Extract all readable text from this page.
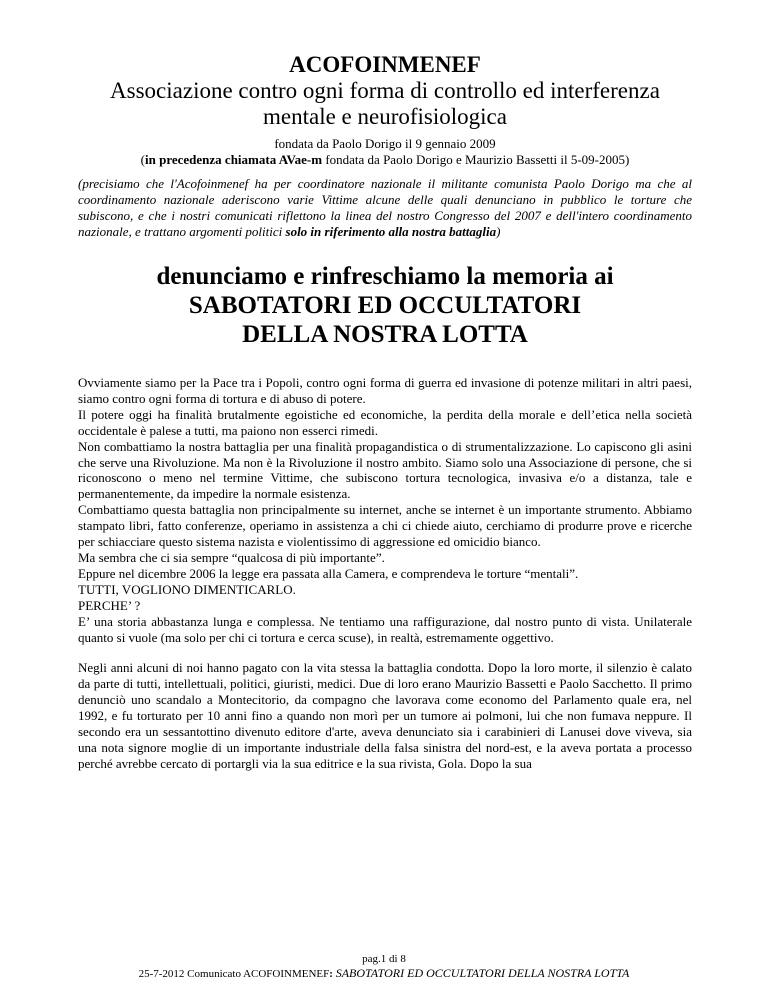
ACOFOINMENEF
Associazione contro ogni forma di controllo ed interferenza
mentale e neurofisiologica
fondata da Paolo Dorigo il 9 gennaio 2009
(in precedenza chiamata AVae-m fondata da Paolo Dorigo e Maurizio Bassetti il 5-09-2005)
(precisiamo che l'Acofoinmenef ha per coordinatore nazionale il militante comunista Paolo Dorigo ma che al coordinamento nazionale aderiscono varie Vittime alcune delle quali denunciano in pubblico le torture che subiscono, e che i nostri comunicati riflettono la linea del nostro Congresso del 2007 e dell'intero coordinamento nazionale, e trattano argomenti politici solo in riferimento alla nostra battaglia)
denunciamo e rinfreschiamo la memoria ai
SABOTATORI ED OCCULTATORI
DELLA NOSTRA LOTTA

Ovviamente siamo per la Pace tra i Popoli, contro ogni forma di guerra ed invasione di potenze militari in altri paesi, siamo contro ogni forma di tortura e di abuso di potere.

Il potere oggi ha finalità brutalmente egoistiche ed economiche, la perdita della morale e dell’etica nella società occidentale è palese a tutti, ma paiono non esserci rimedi.

Non combattiamo la nostra battaglia per una finalità propagandistica o di strumentalizzazione. Lo capiscono gli asini che serve una Rivoluzione. Ma non è la Rivoluzione il nostro ambito. Siamo solo una Associazione di persone, che si riconoscono o meno nel termine Vittime, che subiscono tortura tecnologica, invasiva e/o a distanza, tale e permanentemente, da impedire la normale esistenza.

Combattiamo questa battaglia non principalmente su internet, anche se internet è un importante strumento. Abbiamo stampato libri, fatto conferenze, operiamo in assistenza a chi ci chiede aiuto, cerchiamo di produrre prove e ricerche per schiacciare questo sistema nazista e violentissimo di aggressione ed omicidio bianco.

Ma sembra che ci sia sempre “qualcosa di più importante”.

Eppure nel dicembre 2006 la legge era passata alla Camera, e comprendeva le torture “mentali”.

TUTTI, VOGLIONO DIMENTICARLO.

PERCHE’ ?

E’ una storia abbastanza lunga e complessa. Ne tentiamo una raffigurazione, dal nostro punto di vista. Unilaterale quanto si vuole (ma solo per chi ci tortura e cerca scuse), in realtà, estremamente oggettivo.

Negli anni alcuni di noi hanno pagato con la vita stessa la battaglia condotta. Dopo la loro morte, il silenzio è calato da parte di tutti, intellettuali, politici, giuristi, medici. Due di loro erano Maurizio Bassetti e Paolo Sacchetto. Il primo denunciò uno scandalo a Montecitorio, da compagno che lavorava come economo del Parlamento quale era, nel 1992, e fu torturato per 10 anni fino a quando non morì per un tumore ai polmoni, lui che non fumava neppure. Il secondo era un sessantottino divenuto editore d'arte, aveva denunciato sia i carabinieri di Lanusei dove viveva, sia una nota signore moglie di un importante industriale della falsa sinistra del nord-est, e la aveva portata a processo perché avrebbe cercato di portargli via la sua editrice e la sua rivista, Gola. Dopo la sua

pag.1 di 8
25-7-2012 Comunicato ACOFOINMENEF: SABOTATORI ED OCCULTATORI DELLA NOSTRA LOTTA
